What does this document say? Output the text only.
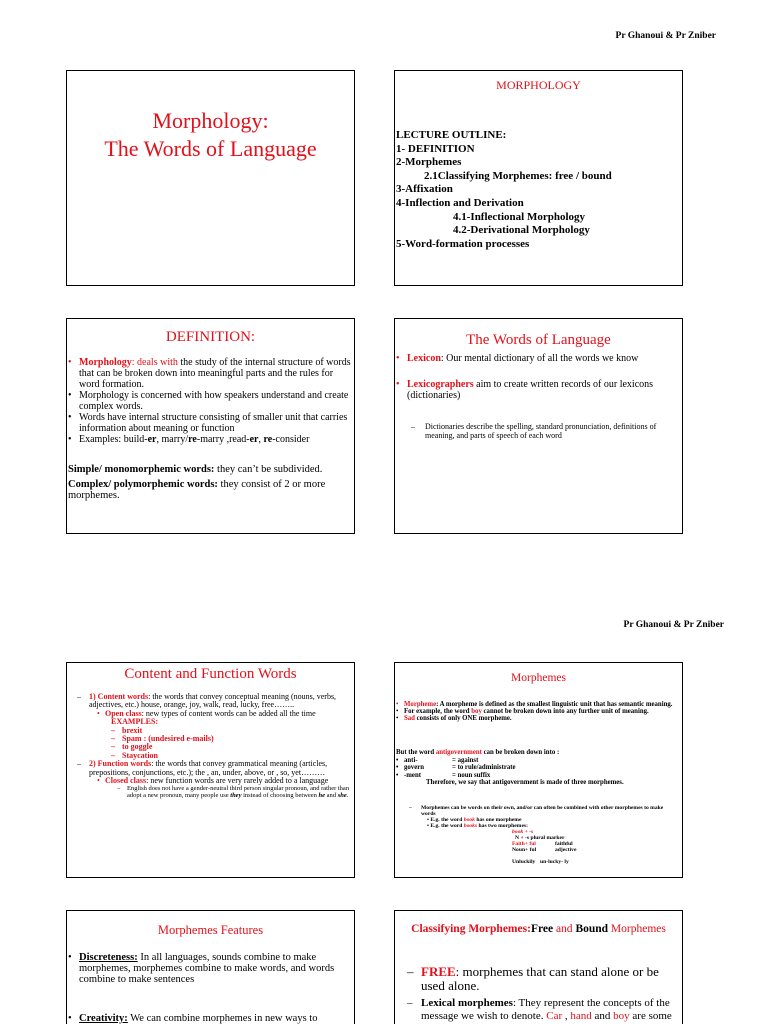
Pr Ghanoui & Pr Zniber
Morphology:
The Words of Language
MORPHOLOGY
LECTURE OUTLINE:
1- DEFINITION
2-Morphemes
2.1Classifying Morphemes: free / bound
3-Affixation
4-Inflection and Derivation
4.1-Inflectional Morphology
4.2-Derivational Morphology
5-Word-formation processes
DEFINITION:
• Morphology: deals with the study of the internal structure of words that can be broken down into meaningful parts and the rules for word formation.
• Morphology is concerned with how speakers understand and create complex words.
• Words have internal structure consisting of smaller unit that carries information about meaning or function
• Examples: build-er, marry/re-marry ,read-er, re-consider
Simple/ monomorphemic words: they can’t be subdivided.
Complex/ polymorphemic words: they consist of 2 or more morphemes.
The Words of Language
• Lexicon: Our mental dictionary of all the words we know
• Lexicographers aim to create written records of our lexicons (dictionaries)
– Dictionaries describe the spelling, standard pronunciation, definitions of meaning, and parts of speech of each word
Pr Ghanoui & Pr Zniber
Content and Function Words
– 1) Content words: the words that convey conceptual meaning (nouns, verbs, adjectives, etc.) house, orange, joy, walk, read, lucky, free……..
• Open class: new types of content words can be added all the time
EXAMPLES:
– brexit
– Spam : (undesired e-mails)
– to goggle
– Staycation
– 2) Function words: the words that convey grammatical meaning (articles, prepositions, conjunctions, etc.); the , an, under, above, or , so, yet………
• Closed class: new function words are very rarely added to a language
– English does not have a gender-neutral third person singular pronoun, and rather than adopt a new pronoun, many people use they instead of choosing between he and she.
Morphemes
• Morpheme: A morpheme is defined as the smallest linguistic unit that has semantic meaning.
• For example, the word boy cannot be broken down into any further unit of meaning.
• Sad consists of only ONE morpheme.
But the word antigovernment can be broken down into :
• anti-	= against
• govern	= to rule/administrate
• -ment	= noun suffix
Therefore, we say that antigovernment is made of three morphemes.
– Morphemes can be words on their own, and/or can often be combined with other morphemes to make words
• E.g. the word book has one morpheme
• E.g. the word books has two morphemes:
book + -s
N + -s plural marker
Faith+ ful	faithful
Noun+ ful	adjective
Unluckily un-lucky- ly
Morphemes Features
• Discreteness: In all languages, sounds combine to make morphemes, morphemes combine to make words, and words combine to make sentences
• Creativity: We can combine morphemes in new ways to
Classifying Morphemes:Free and Bound Morphemes
– FREE: morphemes that can stand alone or be used alone.
– Lexical morphemes: They represent the concepts of the message we wish to denote. Car , hand and boy are some
